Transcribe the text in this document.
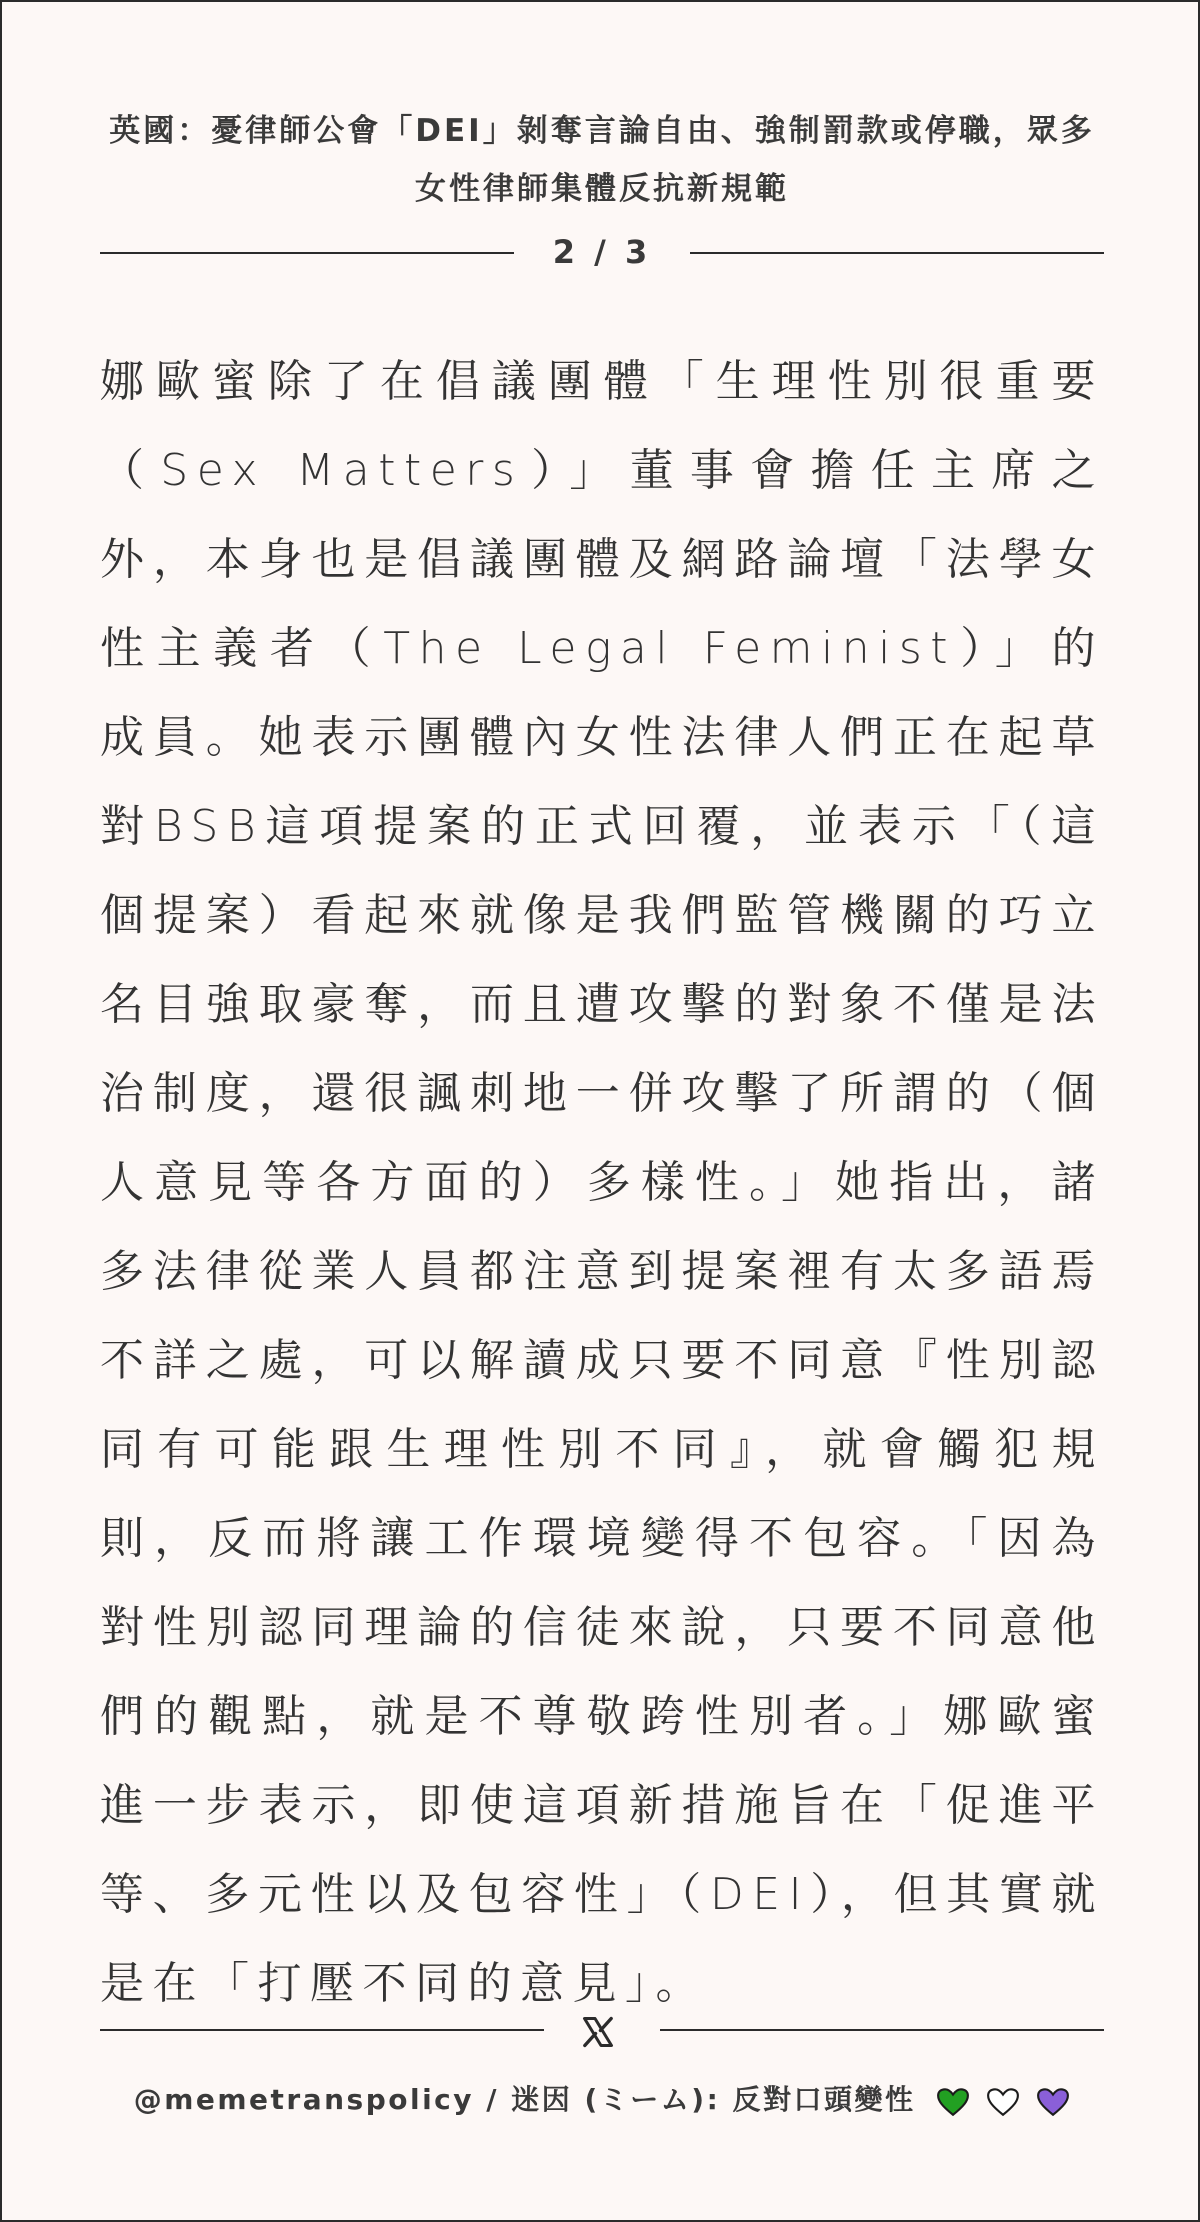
英國：憂律師公會「DEI」剝奪言論自由、強制罰款或停職，眾多女性律師集體反抗新規範
2 / 3
娜歐蜜除了在倡議團體「生理性別很重要（Sex Matters）」董事會擔任主席之外，本身也是倡議團體及網路論壇「法學女性主義者（The Legal Feminist）」的成員。她表示團體內女性法律人們正在起草對BSB這項提案的正式回覆，並表示「（這個提案）看起來就像是我們監管機關的巧立名目強取豪奪，而且遭攻擊的對象不僅是法治制度，還很諷刺地一併攻擊了所謂的（個人意見等各方面的）多樣性。」她指出，諸多法律從業人員都注意到提案裡有太多語焉不詳之處，可以解讀成只要不同意『性別認同有可能跟生理性別不同』，就會觸犯規則，反而將讓工作環境變得不包容。「因為對性別認同理論的信徒來說，只要不同意他們的觀點，就是不尊敬跨性別者。」娜歐蜜進一步表示，即使這項新措施旨在「促進平等、多元性以及包容性」（DEI），但其實就是在「打壓不同的意見」。
@memetranspolicy / 迷因 (ミーム): 反對口頭變性
